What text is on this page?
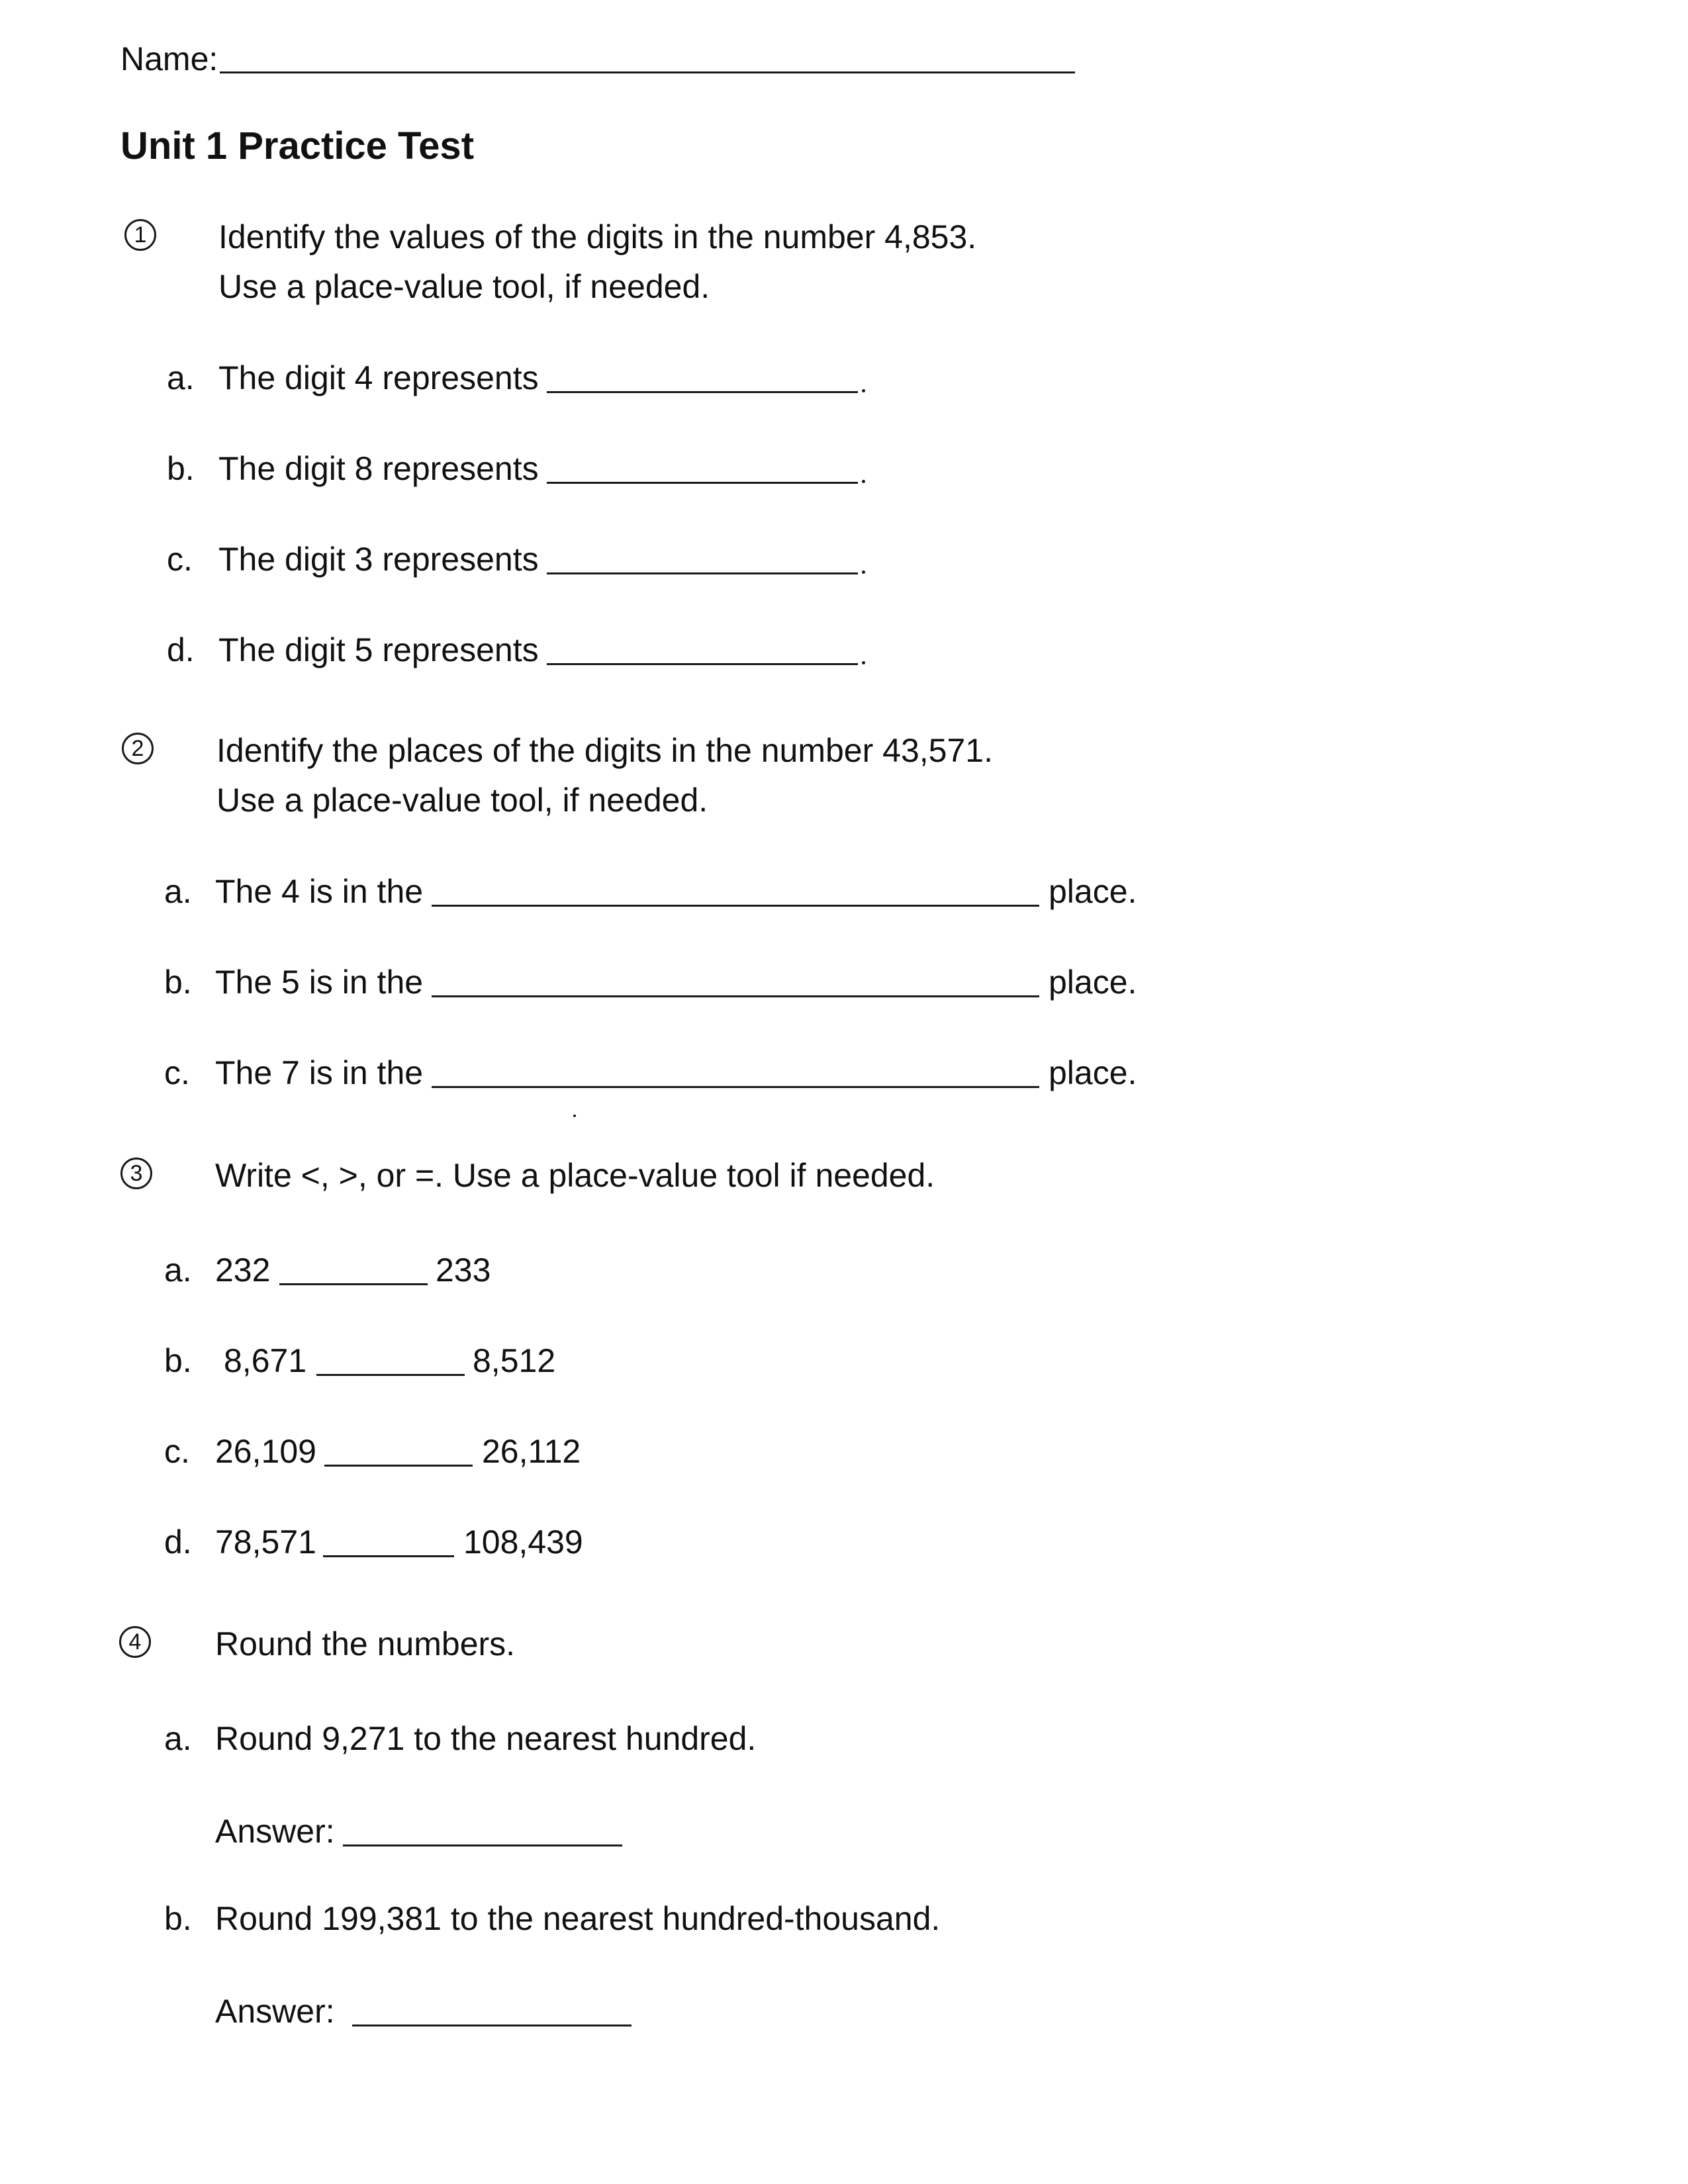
Name:
Unit 1 Practice Test
1 Identify the values of the digits in the number 4,853.
Use a place-value tool, if needed.
a. The digit 4 represents
b. The digit 8 represents
c. The digit 3 represents
d. The digit 5 represents
2 Identify the places of the digits in the number 43,571.
Use a place-value tool, if needed.
a. The 4 is in the	place.
b. The 5 is in the	place.
c. The 7 is in the	place.
3 Write <, >, or =. Use a place-value tool if needed.
a. 232	233
b. 8,671	8,512
c. 26,109	26,112
d. 78,571	108,439
4 Round the numbers.
a. Round 9,271 to the nearest hundred.
Answer:
b. Round 199,381 to the nearest hundred-thousand.
Answer:
